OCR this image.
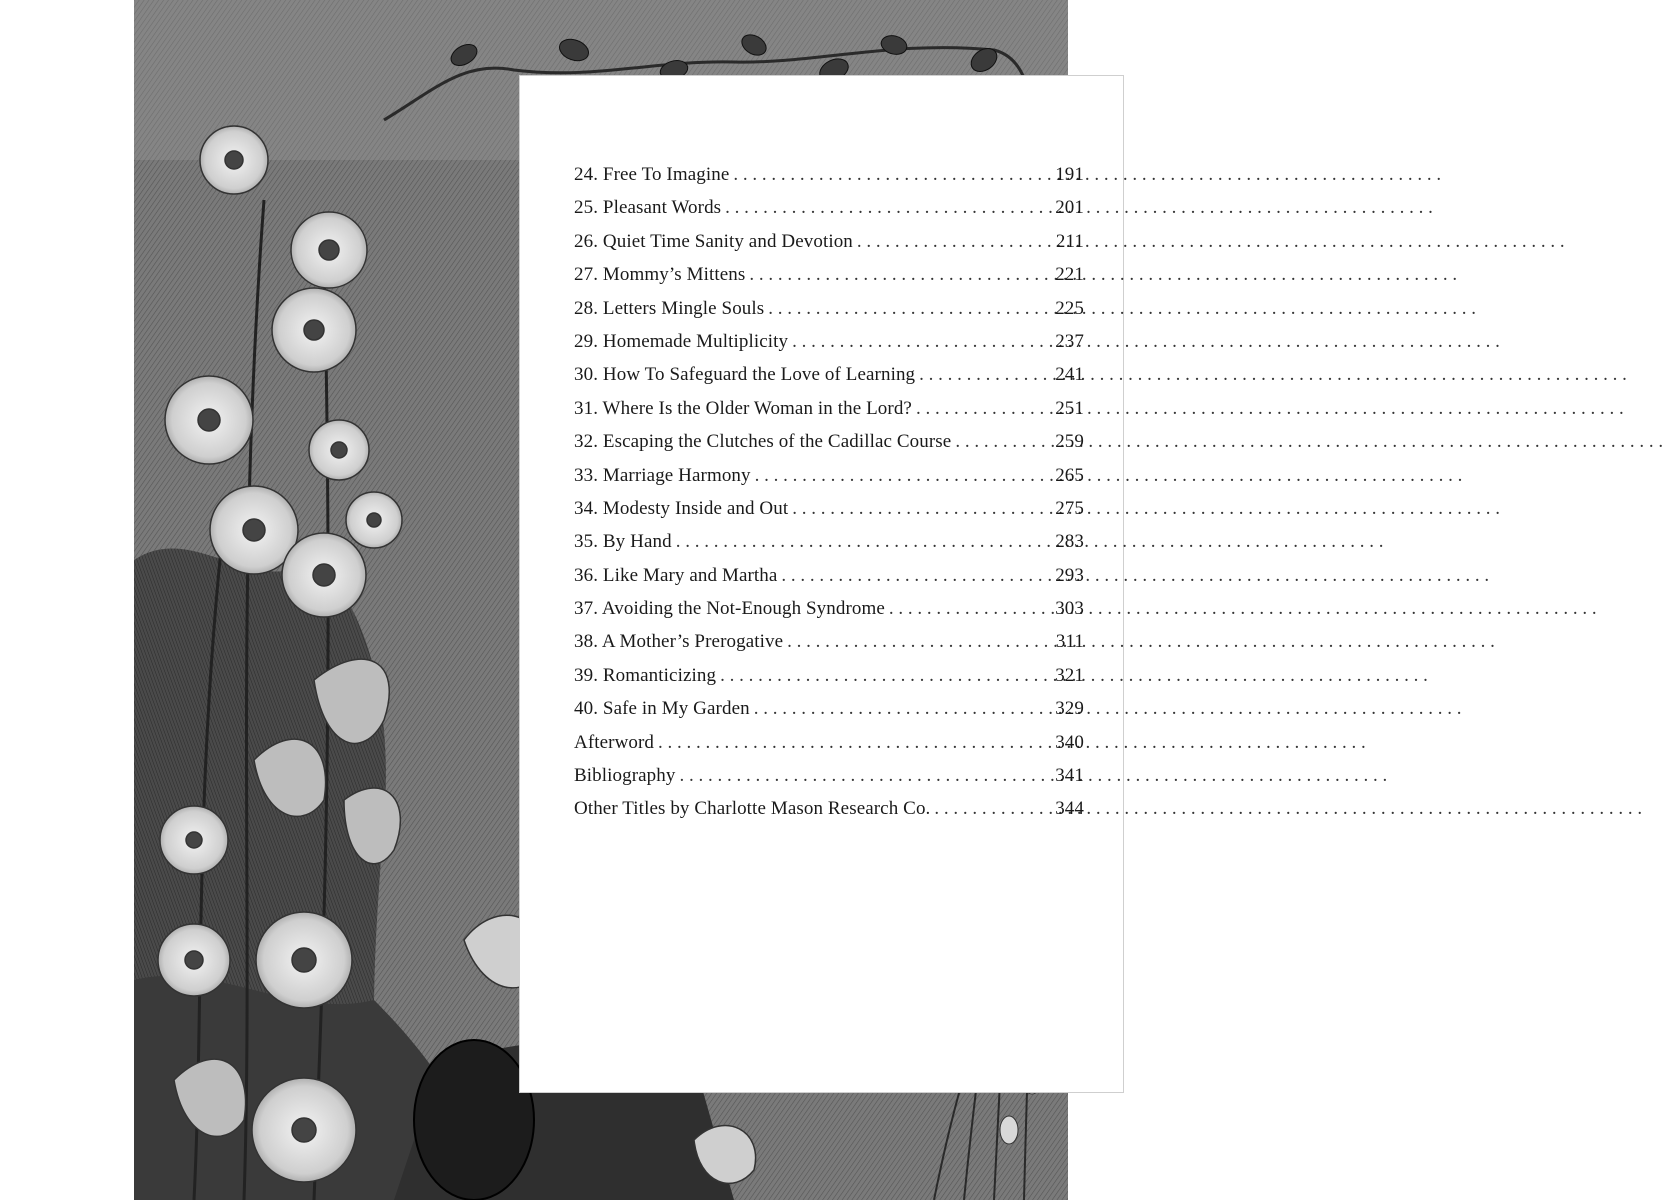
24. Free To Imagine . . .	191
25. Pleasant Words . . .	201
26. Quiet Time Sanity and Devotion . . .	211
27. Mommy’s Mittens . . .	221
28. Letters Mingle Souls . . .	225
29. Homemade Multiplicity . . .	237
30. How To Safeguard the Love of Learning . . .	241
31. Where Is the Older Woman in the Lord? . . .	251
32. Escaping the Clutches of the Cadillac Course . . .	259
33. Marriage Harmony . . .	265
34. Modesty Inside and Out . . .	275
35. By Hand . . .	283
36. Like Mary and Martha . . .	293
37. Avoiding the Not-Enough Syndrome . . .	303
38. A Mother’s Prerogative . . .	311
39. Romanticizing . . .	321
40. Safe in My Garden . . .	329
Afterword . . .	340
Bibliography . . .	341
Other Titles by Charlotte Mason Research Co. . . .	344
